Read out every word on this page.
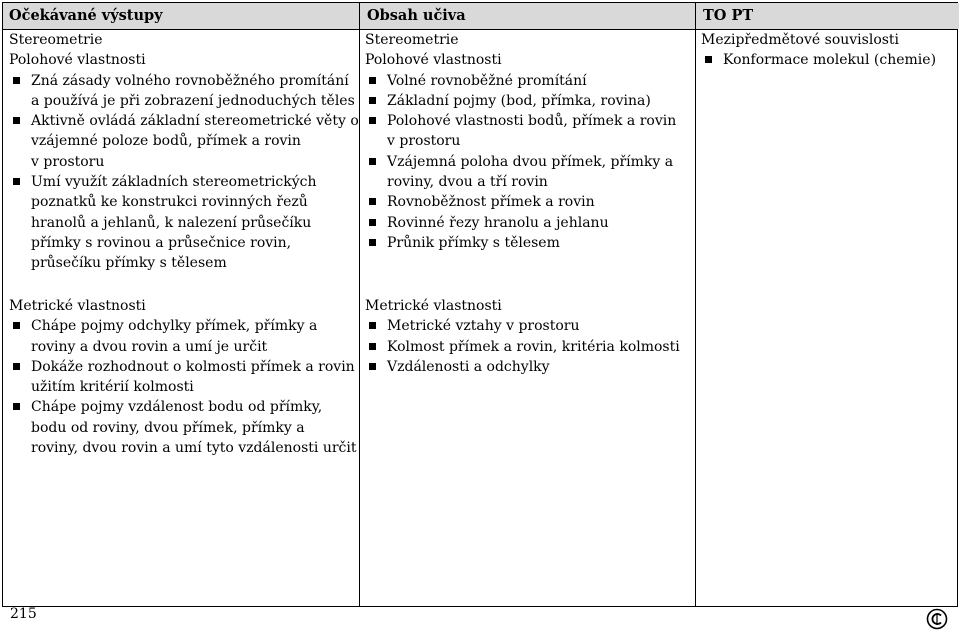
Očekávané výstupy	Obsah učiva	TO PT
Stereometrie
Polohové vlastnosti
Zná zásady volného rovnoběžného promítání
a používá je při zobrazení jednoduchých těles
Aktivně ovládá základní stereometrické věty o
vzájemné poloze bodů, přímek a rovin
v prostoru
Umí využít základních stereometrických
poznatků ke konstrukci rovinných řezů
hranolů a jehlanů, k nalezení průsečíku
přímky s rovinou a průsečnice rovin,
průsečíku přímky s tělesem
Metrické vlastnosti
Chápe pojmy odchylky přímek, přímky a
roviny a dvou rovin a umí je určit
Dokáže rozhodnout o kolmosti přímek a rovin
užitím kritérií kolmosti
Chápe pojmy vzdálenost bodu od přímky,
bodu od roviny, dvou přímek, přímky a
roviny, dvou rovin a umí tyto vzdálenosti určit
Stereometrie
Polohové vlastnosti
Volné rovnoběžné promítání
Základní pojmy (bod, přímka, rovina)
Polohové vlastnosti bodů, přímek a rovin
v prostoru
Vzájemná poloha dvou přímek, přímky a
roviny, dvou a tří rovin
Rovnoběžnost přímek a rovin
Rovinné řezy hranolu a jehlanu
Průnik přímky s tělesem
Metrické vlastnosti
Metrické vztahy v prostoru
Kolmost přímek a rovin, kritéria kolmosti
Vzdálenosti a odchylky
Mezipředmětové souvislosti
Konformace molekul (chemie)
215
